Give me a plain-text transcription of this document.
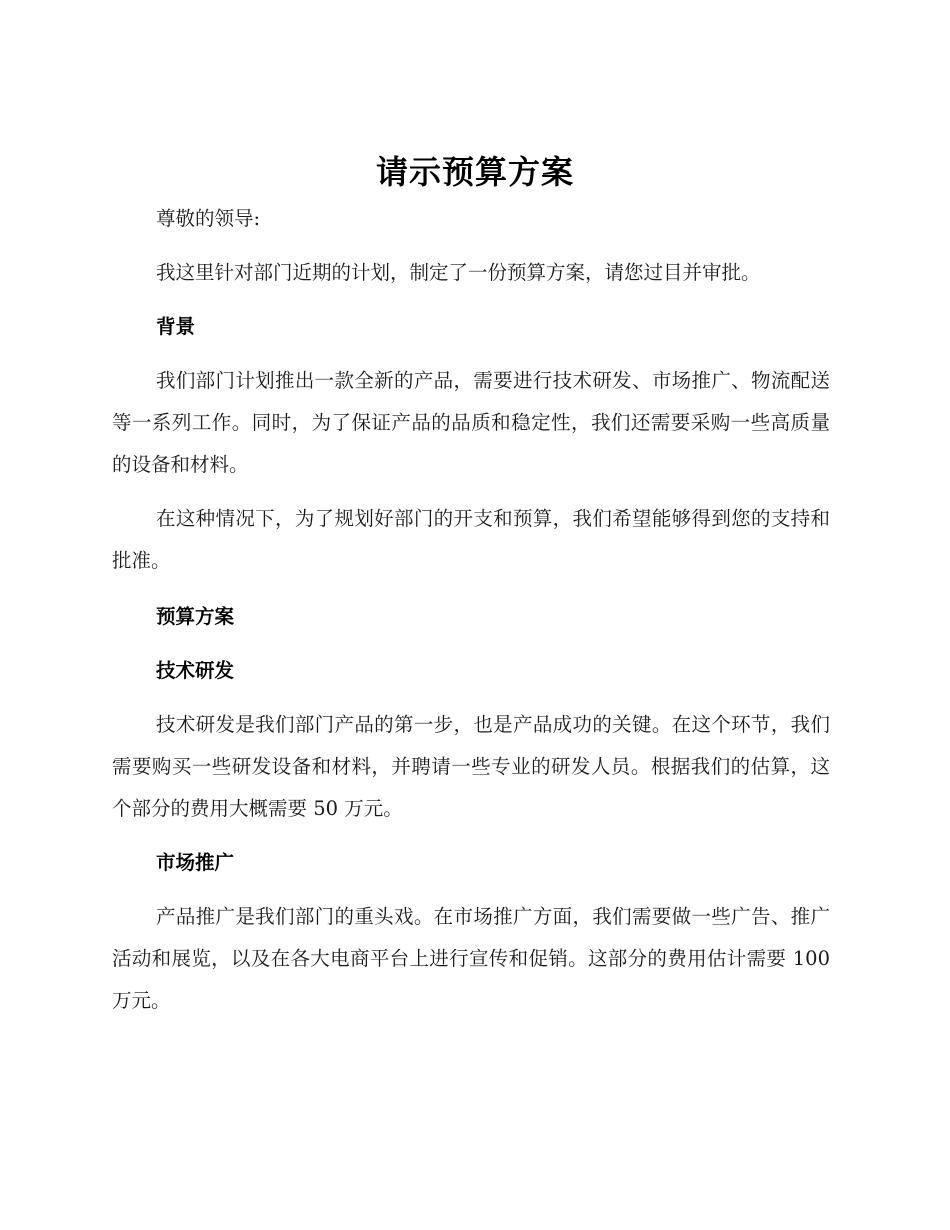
请示预算方案

尊敬的领导:

我这里针对部门近期的计划，制定了一份预算方案，请您过目并审批。

背景

我们部门计划推出一款全新的产品，需要进行技术研发、市场推广、物流配送等一系列工作。同时，为了保证产品的品质和稳定性，我们还需要采购一些高质量的设备和材料。

在这种情况下，为了规划好部门的开支和预算，我们希望能够得到您的支持和批准。

预算方案

技术研发

技术研发是我们部门产品的第一步，也是产品成功的关键。在这个环节，我们需要购买一些研发设备和材料，并聘请一些专业的研发人员。根据我们的估算，这个部分的费用大概需要 50 万元。

市场推广

产品推广是我们部门的重头戏。在市场推广方面，我们需要做一些广告、推广活动和展览，以及在各大电商平台上进行宣传和促销。这部分的费用估计需要 100 万元。
